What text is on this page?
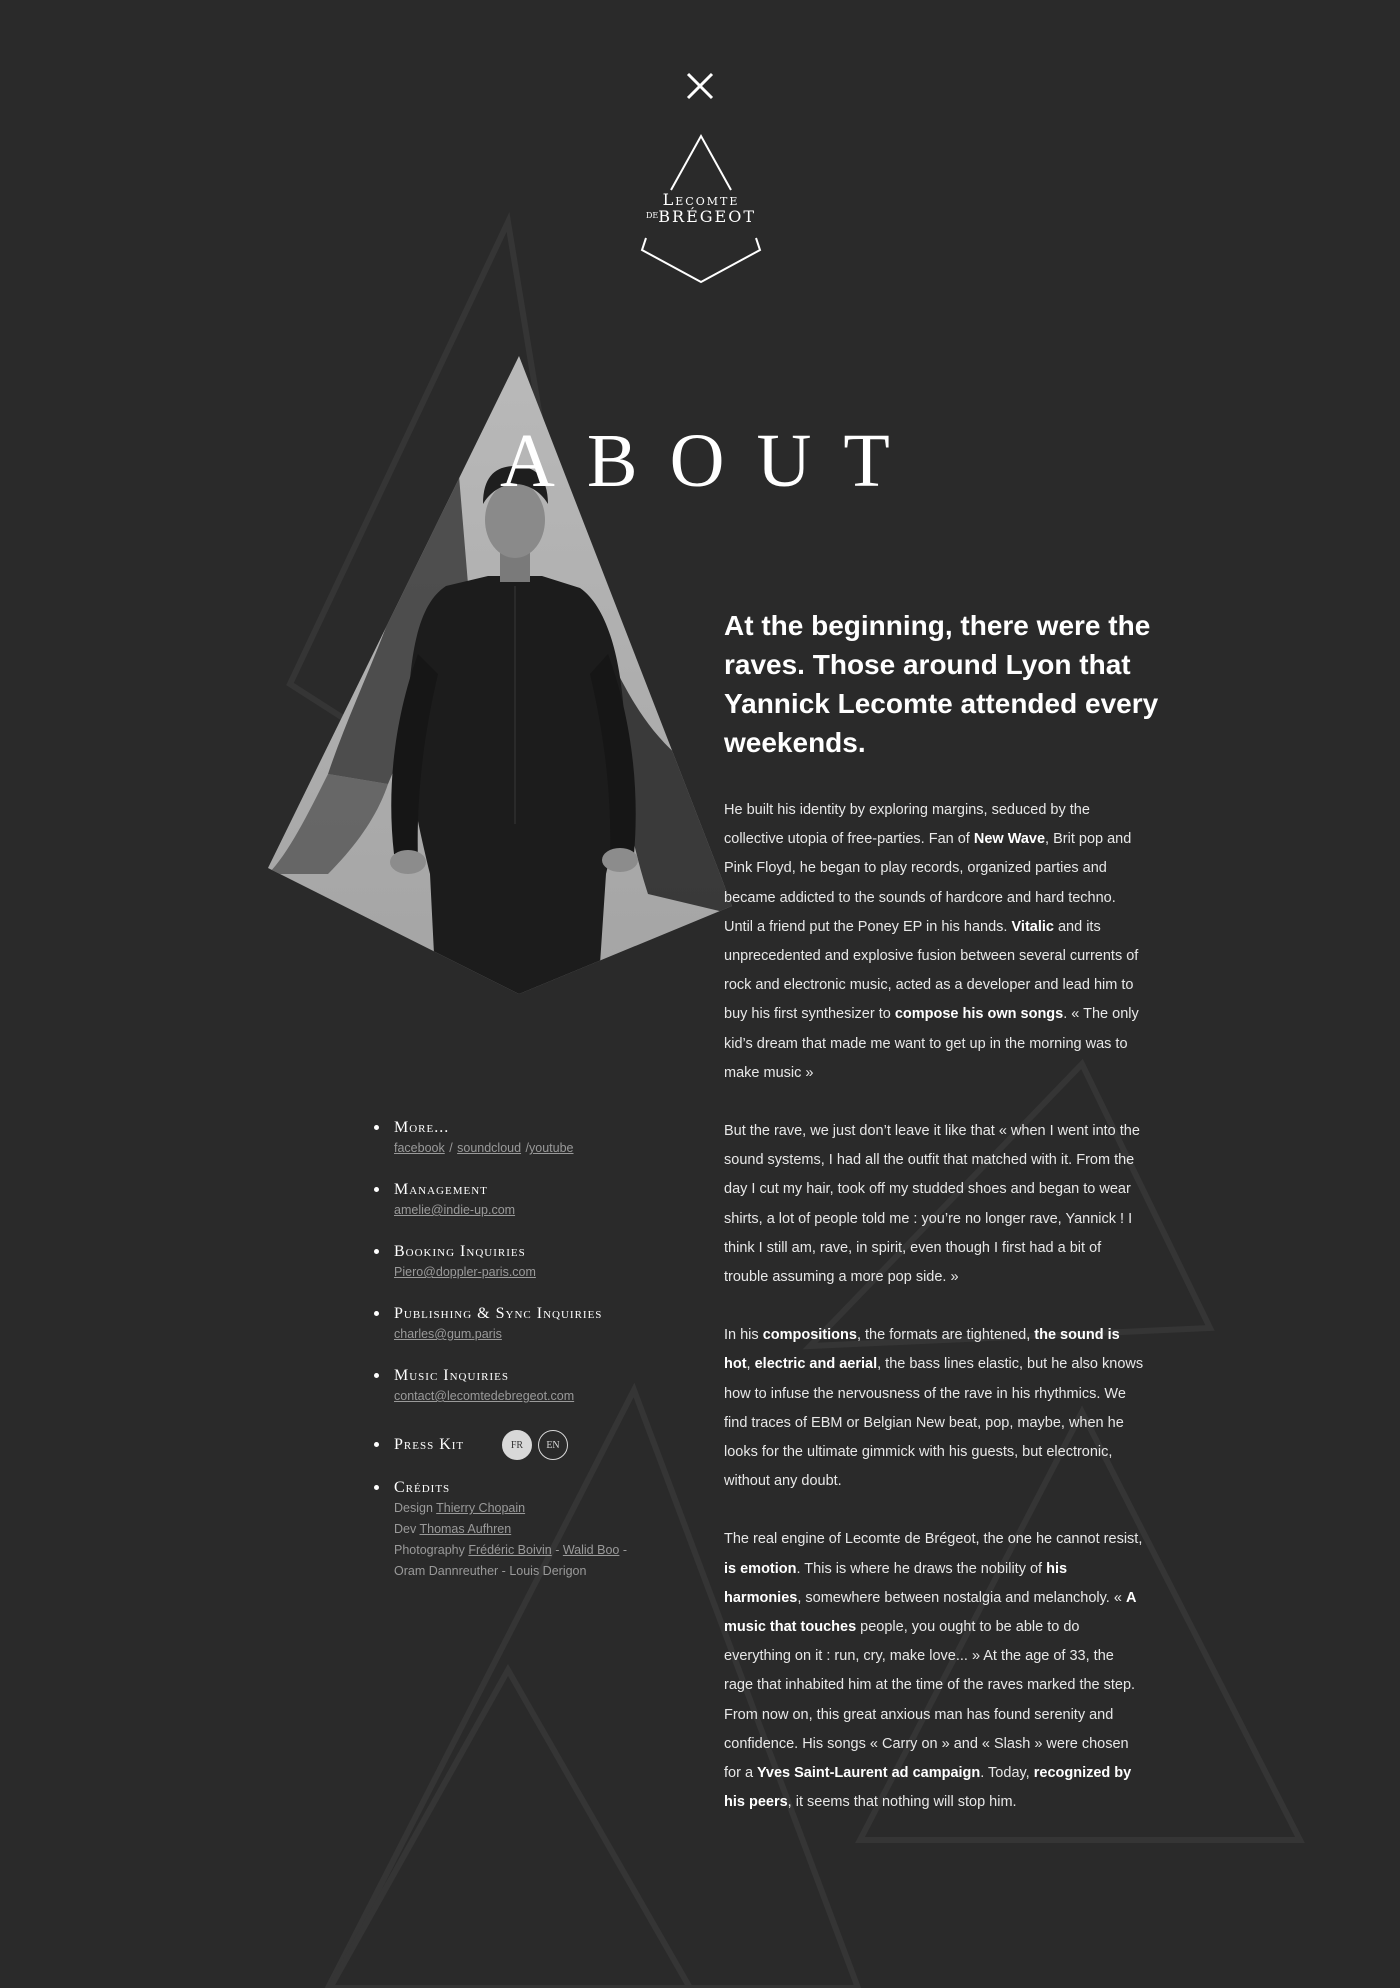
Lecomte
$^{DE}$BRÉGEOT
ABOUT
At the beginning, there were the raves. Those around Lyon that Yannick Lecomte attended every weekends.

He built his identity by exploring margins, seduced by the collective utopia of free-parties. Fan of New Wave, Brit pop and Pink Floyd, he began to play records, organized parties and became addicted to the sounds of hardcore and hard techno. Until a friend put the Poney EP in his hands. Vitalic and its unprecedented and explosive fusion between several currents of rock and electronic music, acted as a developer and lead him to buy his first synthesizer to compose his own songs. « The only kid’s dream that made me want to get up in the morning was to make music »

But the rave, we just don’t leave it like that « when I went into the sound systems, I had all the outfit that matched with it. From the day I cut my hair, took off my studded shoes and began to wear shirts, a lot of people told me : you’re no longer rave, Yannick ! I think I still am, rave, in spirit, even though I first had a bit of trouble assuming a more pop side. »

In his compositions, the formats are tightened, the sound is hot, electric and aerial, the bass lines elastic, but he also knows how to infuse the nervousness of the rave in his rhythmics. We find traces of EBM or Belgian New beat, pop, maybe, when he looks for the ultimate gimmick with his guests, but electronic, without any doubt.

The real engine of Lecomte de Brégeot, the one he cannot resist, is emotion. This is where he draws the nobility of his harmonies, somewhere between nostalgia and melancholy. « A music that touches people, you ought to be able to do everything on it : run, cry, make love... » At the age of 33, the rage that inhabited him at the time of the raves marked the step. From now on, this great anxious man has found serenity and confidence. His songs « Carry on » and « Slash » were chosen for a Yves Saint-Laurent ad campaign. Today, recognized by his peers, it seems that nothing will stop him.

More...
facebook / soundcloud /youtube
Management
amelie@indie-up.com
Booking Inquiries
Piero@doppler-paris.com
Publishing & Sync Inquiries
charles@gum.paris
Music Inquiries
contact@lecomtedebregeot.com
Press Kit	FR	EN
Crédits
Design Thierry Chopain
Dev Thomas Aufhren
Photography Frédéric Boivin - Walid Boo -
Oram Dannreuther - Louis Derigon
